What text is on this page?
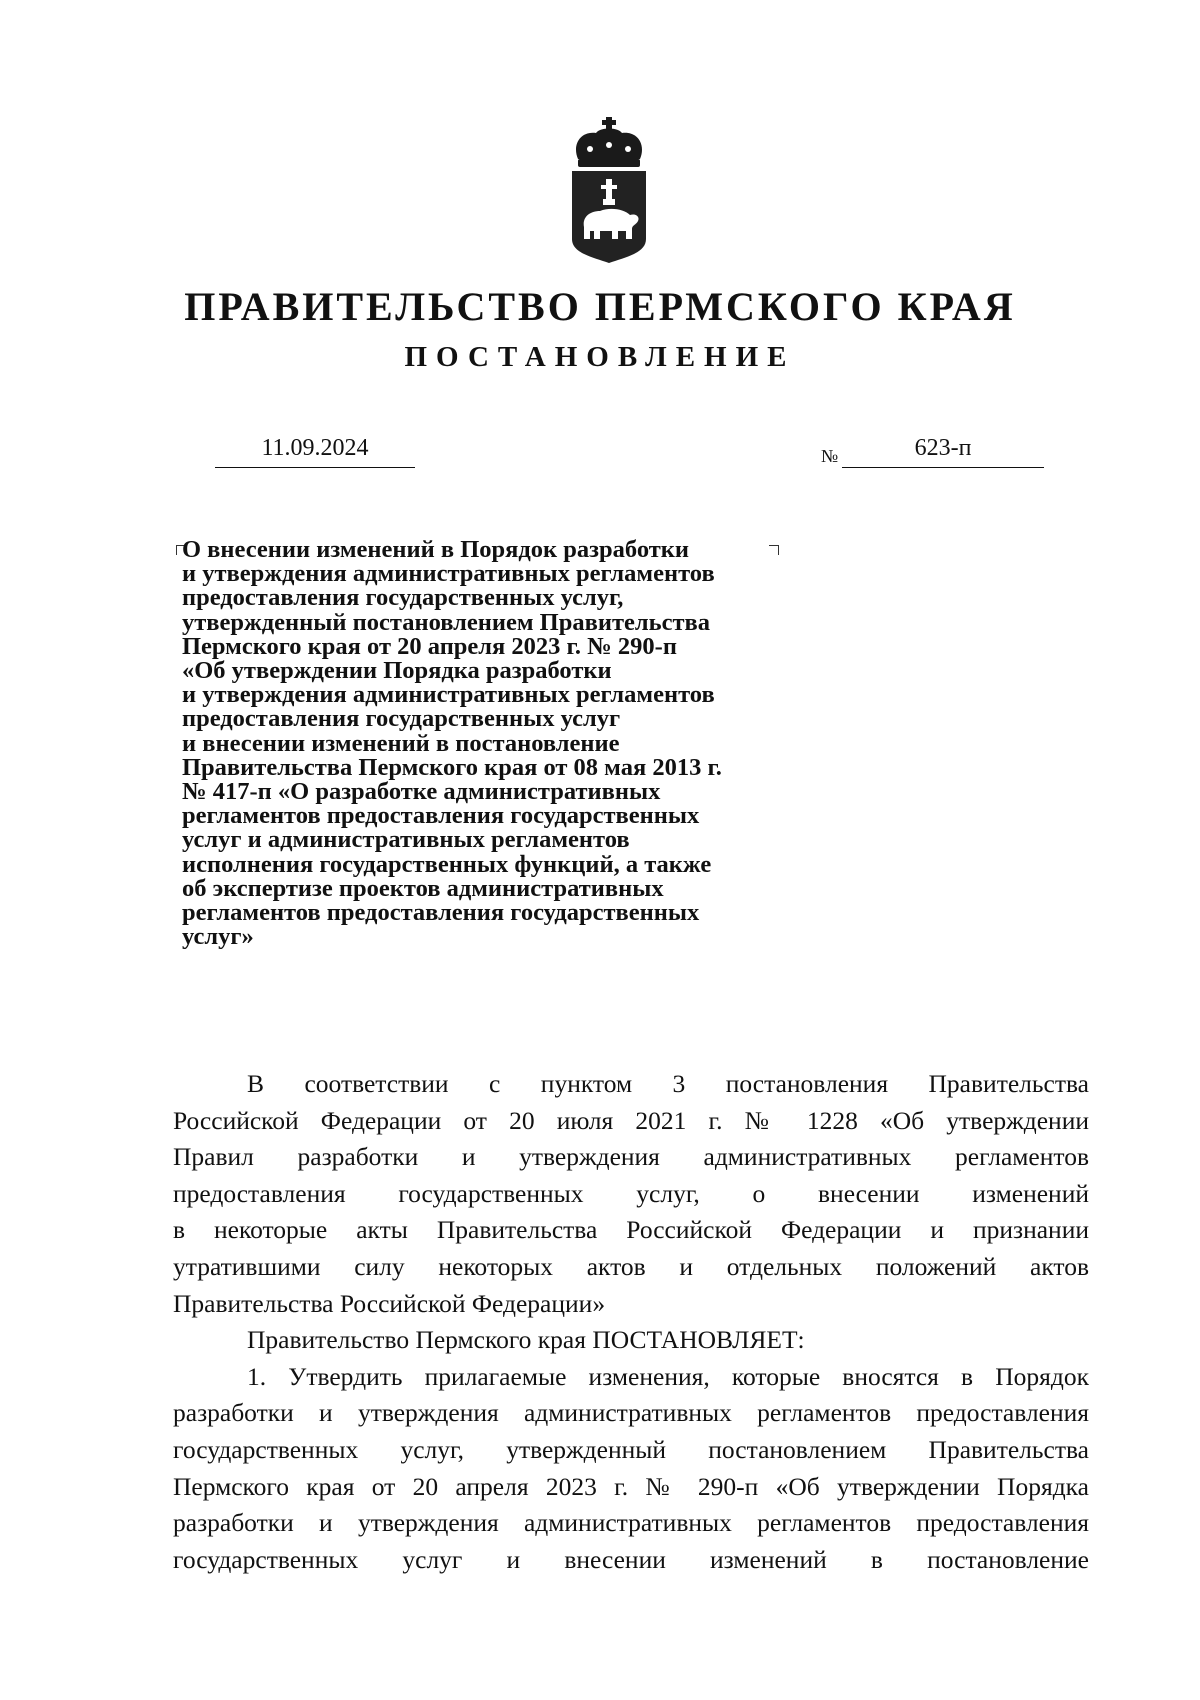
ПРАВИТЕЛЬСТВО ПЕРМСКОГО КРАЯ
ПОСТАНОВЛЕНИЕ
11.09.2024	№	623-п
О внесении изменений в Порядок разработки
и утверждения административных регламентов
предоставления государственных услуг,
утвержденный постановлением Правительства
Пермского края от 20 апреля 2023 г. № 290-п
«Об утверждении Порядка разработки
и утверждения административных регламентов
предоставления государственных услуг
и внесении изменений в постановление
Правительства Пермского края от 08 мая 2013 г.
№ 417-п «О разработке административных
регламентов предоставления государственных
услуг и административных регламентов
исполнения государственных функций, а также
об экспертизе проектов административных
регламентов предоставления государственных
услуг»
В соответствии с пунктом 3 постановления Правительства
Российской Федерации от 20 июля 2021 г. № 1228 «Об утверждении
Правил разработки и утверждения административных регламентов
предоставления государственных услуг, о внесении изменений
в некоторые акты Правительства Российской Федерации и признании
утратившими силу некоторых актов и отдельных положений актов
Правительства Российской Федерации»
Правительство Пермского края ПОСТАНОВЛЯЕТ:
1. Утвердить прилагаемые изменения, которые вносятся в Порядок
разработки и утверждения административных регламентов предоставления
государственных услуг, утвержденный постановлением Правительства
Пермского края от 20 апреля 2023 г. № 290-п «Об утверждении Порядка
разработки и утверждения административных регламентов предоставления
государственных услуг и внесении изменений в постановление
